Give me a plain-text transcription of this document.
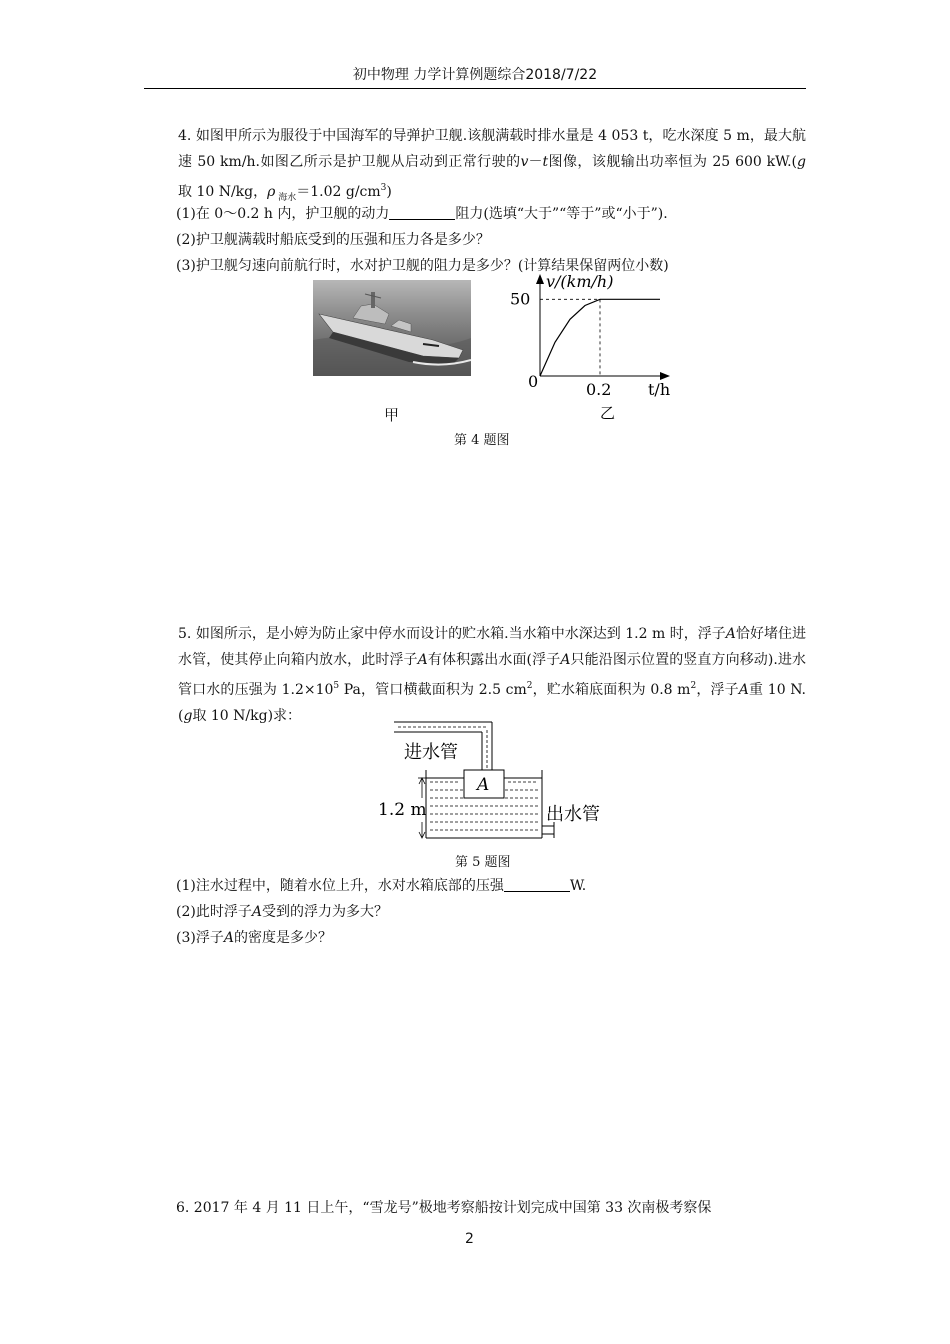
初中物理 力学计算例题综合2018/7/22
4. 如图甲所示为服役于中国海军的导弹护卫舰.该舰满载时排水量是 4 053 t，吃水深度 5 m，最大航速 50 km/h.如图乙所示是护卫舰从启动到正常行驶的v－t图像，该舰输出功率恒为 25 600 kW.(g 取 10 N/kg，ρ $_{海水}$＝1.02 $g/cm^3$)
(1)在 0～0.2 h 内，护卫舰的动力	阻力(选填“大于”“等于”或“小于”).
(2)护卫舰满载时船底受到的压强和压力各是多少？
(3)护卫舰匀速向前航行时，水对护卫舰的阻力是多少？(计算结果保留两位小数)
甲
v/(km/h)
t/h
0
50
0.2
乙
第 4 题图
5. 如图所示，是小婷为防止家中停水而设计的贮水箱.当水箱中水深达到 1.2 m 时，浮子A恰好堵住进水管，使其停止向箱内放水，此时浮子A有体积露出水面(浮子A只能沿图示位置的竖直方向移动).进水管口水的压强为 $1.2\times 10^5$ Pa，管口横截面积为 2.5 $cm^2$，贮水箱底面积为 0.8 $m^2$，浮子A重 10 N.(g取 10 N/kg)求：
进水管
A
1.2 m	出水管
第 5 题图
(1)注水过程中，随着水位上升，水对水箱底部的压强	W.
(2)此时浮子A受到的浮力为多大？
(3)浮子A的密度是多少？
6. 2017 年 4 月 11 日上午，“雪龙号”极地考察船按计划完成中国第 33 次南极考察保
2
